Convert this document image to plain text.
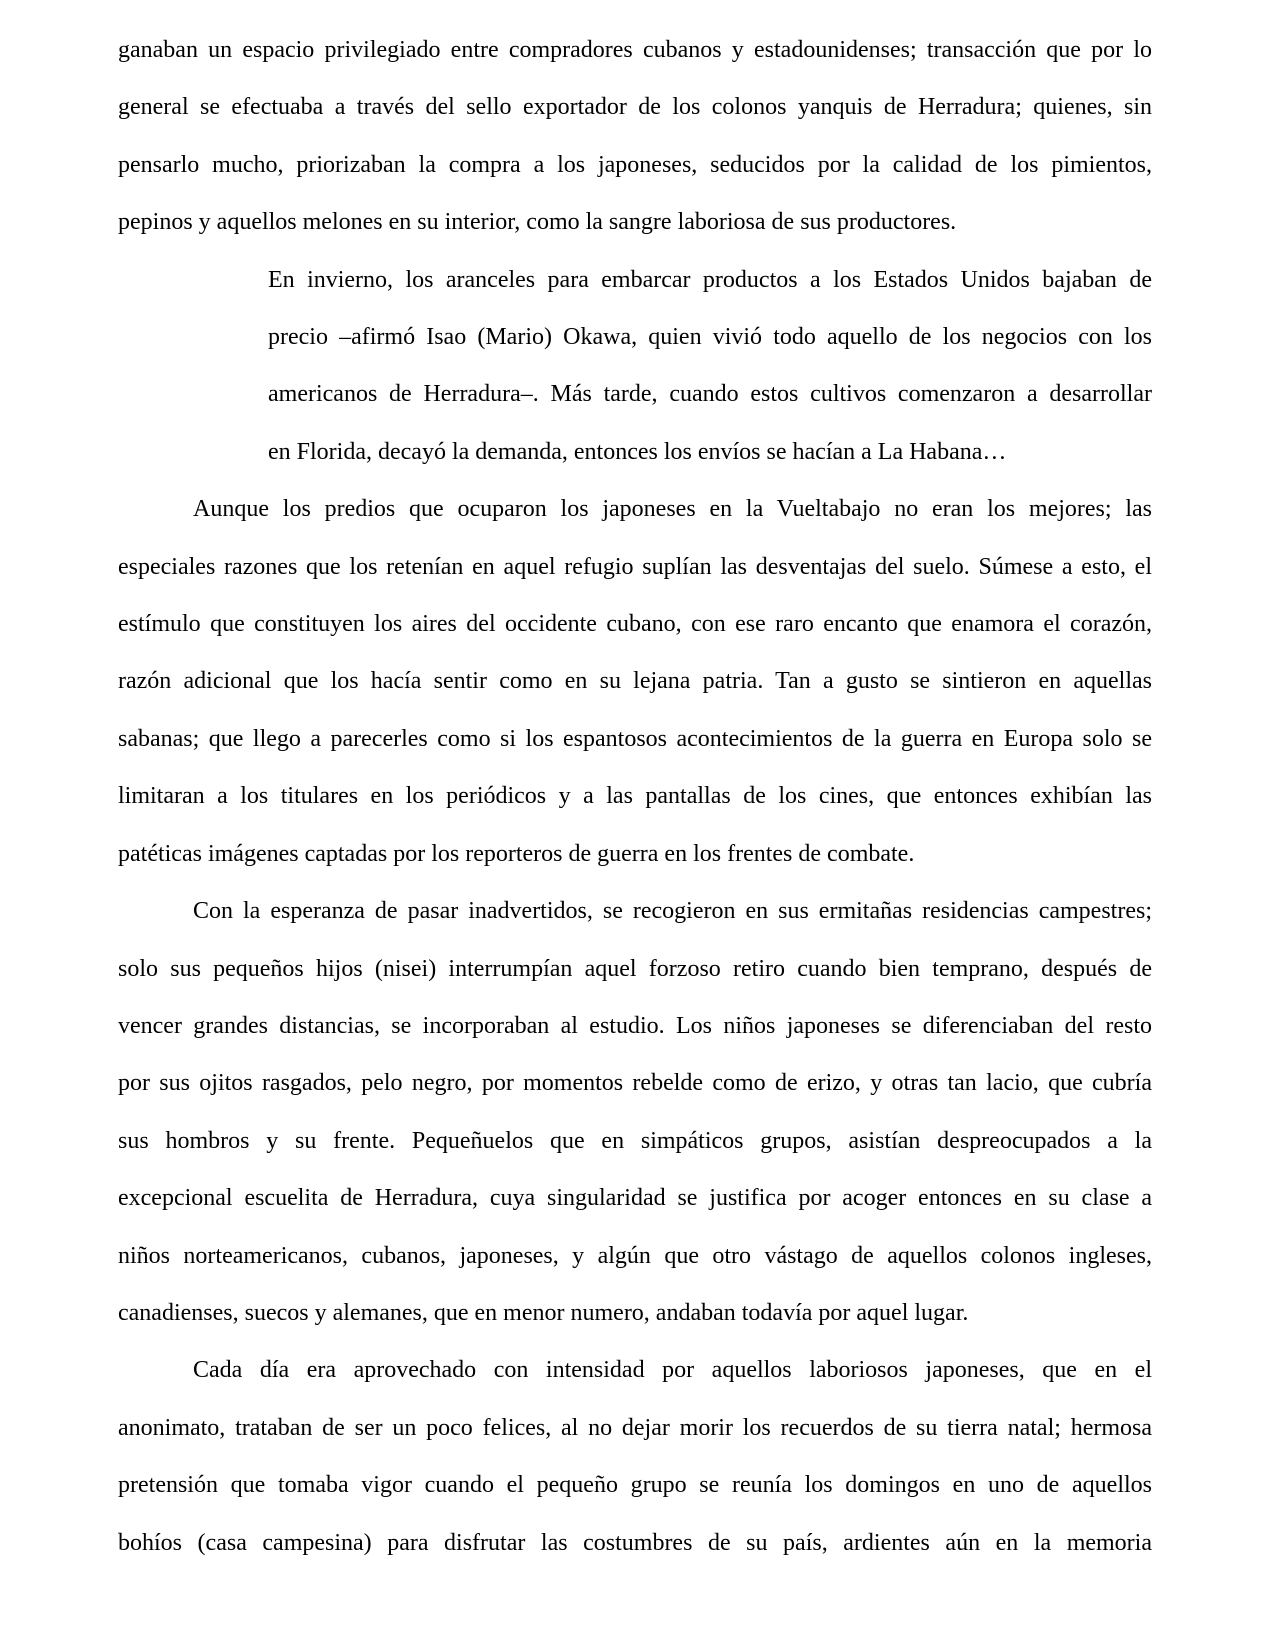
ganaban un espacio privilegiado entre compradores cubanos y estadounidenses; transacción que por lo
general se efectuaba a través del sello exportador de los colonos yanquis de Herradura; quienes, sin
pensarlo mucho, priorizaban la compra a los japoneses, seducidos por la calidad de los pimientos,
pepinos y aquellos melones en su interior, como la sangre laboriosa de sus productores.
En invierno, los aranceles para embarcar productos a los Estados Unidos bajaban de
precio –afirmó Isao (Mario) Okawa, quien vivió todo aquello de los negocios con los
americanos de Herradura–. Más tarde, cuando estos cultivos comenzaron a desarrollar
en Florida, decayó la demanda, entonces los envíos se hacían a La Habana…
Aunque los predios que ocuparon los japoneses en la Vueltabajo no eran los mejores; las
especiales razones que los retenían en aquel refugio suplían las desventajas del suelo. Súmese a esto, el
estímulo que constituyen los aires del occidente cubano, con ese raro encanto que enamora el corazón,
razón adicional que los hacía sentir como en su lejana patria. Tan a gusto se sintieron en aquellas
sabanas; que llego a parecerles como si los espantosos acontecimientos de la guerra en Europa solo se
limitaran a los titulares en los periódicos y a las pantallas de los cines, que entonces exhibían las
patéticas imágenes captadas por los reporteros de guerra en los frentes de combate.
Con la esperanza de pasar inadvertidos, se recogieron en sus ermitañas residencias campestres;
solo sus pequeños hijos (nisei) interrumpían aquel forzoso retiro cuando bien temprano, después de
vencer grandes distancias, se incorporaban al estudio. Los niños japoneses se diferenciaban del resto
por sus ojitos rasgados, pelo negro, por momentos rebelde como de erizo, y otras tan lacio, que cubría
sus hombros y su frente. Pequeñuelos que en simpáticos grupos, asistían despreocupados a la
excepcional escuelita de Herradura, cuya singularidad se justifica por acoger entonces en su clase a
niños norteamericanos, cubanos, japoneses, y algún que otro vástago de aquellos colonos ingleses,
canadienses, suecos y alemanes, que en menor numero, andaban todavía por aquel lugar.
Cada día era aprovechado con intensidad por aquellos laboriosos japoneses, que en el
anonimato, trataban de ser un poco felices, al no dejar morir los recuerdos de su tierra natal; hermosa
pretensión que tomaba vigor cuando el pequeño grupo se reunía los domingos en uno de aquellos
bohíos (casa campesina) para disfrutar las costumbres de su país, ardientes aún en la memoria
